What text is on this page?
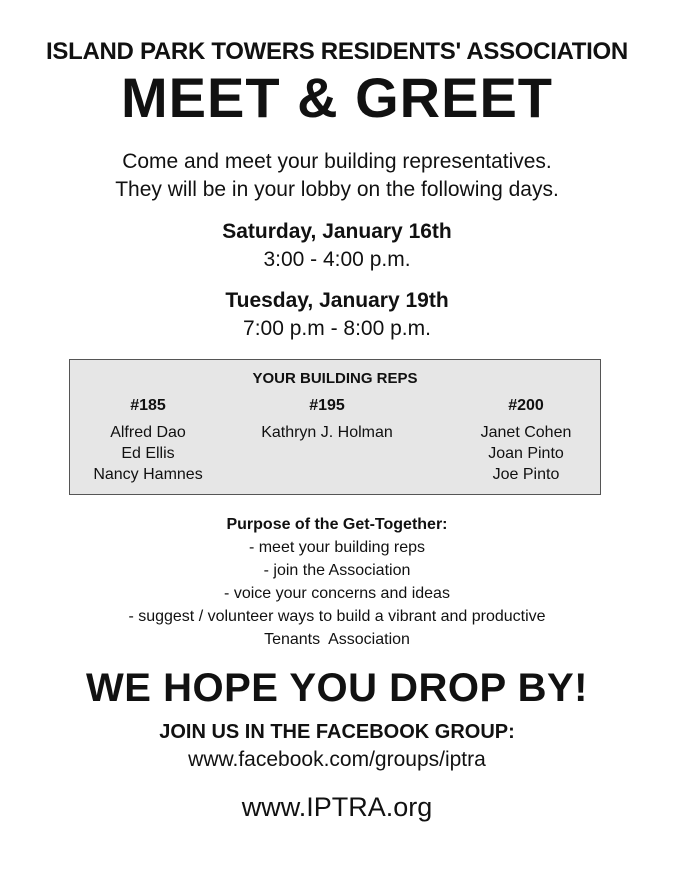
ISLAND PARK TOWERS RESIDENTS' ASSOCIATION
MEET & GREET
Come and meet your building representatives.
They will be in your lobby on the following days.
Saturday, January 16th
3:00 - 4:00 p.m.
Tuesday, January 19th
7:00 p.m - 8:00 p.m.
YOUR BUILDING REPS
#185
Alfred Dao
Ed Ellis
Nancy Hamnes
#195
Kathryn J. Holman
#200
Janet Cohen
Joan Pinto
Joe Pinto
Purpose of the Get-Together:
- meet your building reps
- join the Association
- voice your concerns and ideas
- suggest / volunteer ways to build a vibrant and productive
Tenants  Association
WE HOPE YOU DROP BY!
JOIN US IN THE FACEBOOK GROUP:
www.facebook.com/groups/iptra
www.IPTRA.org
